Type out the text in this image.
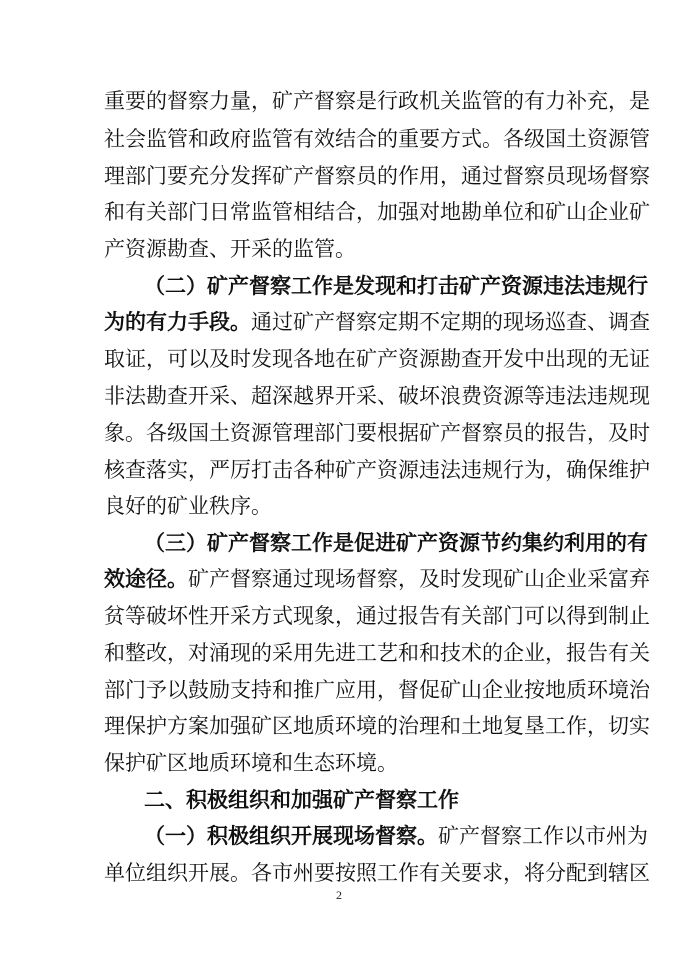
重要的督察力量，矿产督察是行政机关监管的有力补充，是
社会监管和政府监管有效结合的重要方式。各级国土资源管
理部门要充分发挥矿产督察员的作用，通过督察员现场督察
和有关部门日常监管相结合，加强对地勘单位和矿山企业矿
产资源勘查、开采的监管。
（二）矿产督察工作是发现和打击矿产资源违法违规行
为的有力手段。通过矿产督察定期不定期的现场巡查、调查
取证，可以及时发现各地在矿产资源勘查开发中出现的无证
非法勘查开采、超深越界开采、破坏浪费资源等违法违规现
象。各级国土资源管理部门要根据矿产督察员的报告，及时
核查落实，严厉打击各种矿产资源违法违规行为，确保维护
良好的矿业秩序。
（三）矿产督察工作是促进矿产资源节约集约利用的有
效途径。矿产督察通过现场督察，及时发现矿山企业采富弃
贫等破坏性开采方式现象，通过报告有关部门可以得到制止
和整改，对涌现的采用先进工艺和和技术的企业，报告有关
部门予以鼓励支持和推广应用，督促矿山企业按地质环境治
理保护方案加强矿区地质环境的治理和土地复垦工作，切实
保护矿区地质环境和生态环境。
二、积极组织和加强矿产督察工作
（一）积极组织开展现场督察。矿产督察工作以市州为
单位组织开展。各市州要按照工作有关要求，将分配到辖区
2
